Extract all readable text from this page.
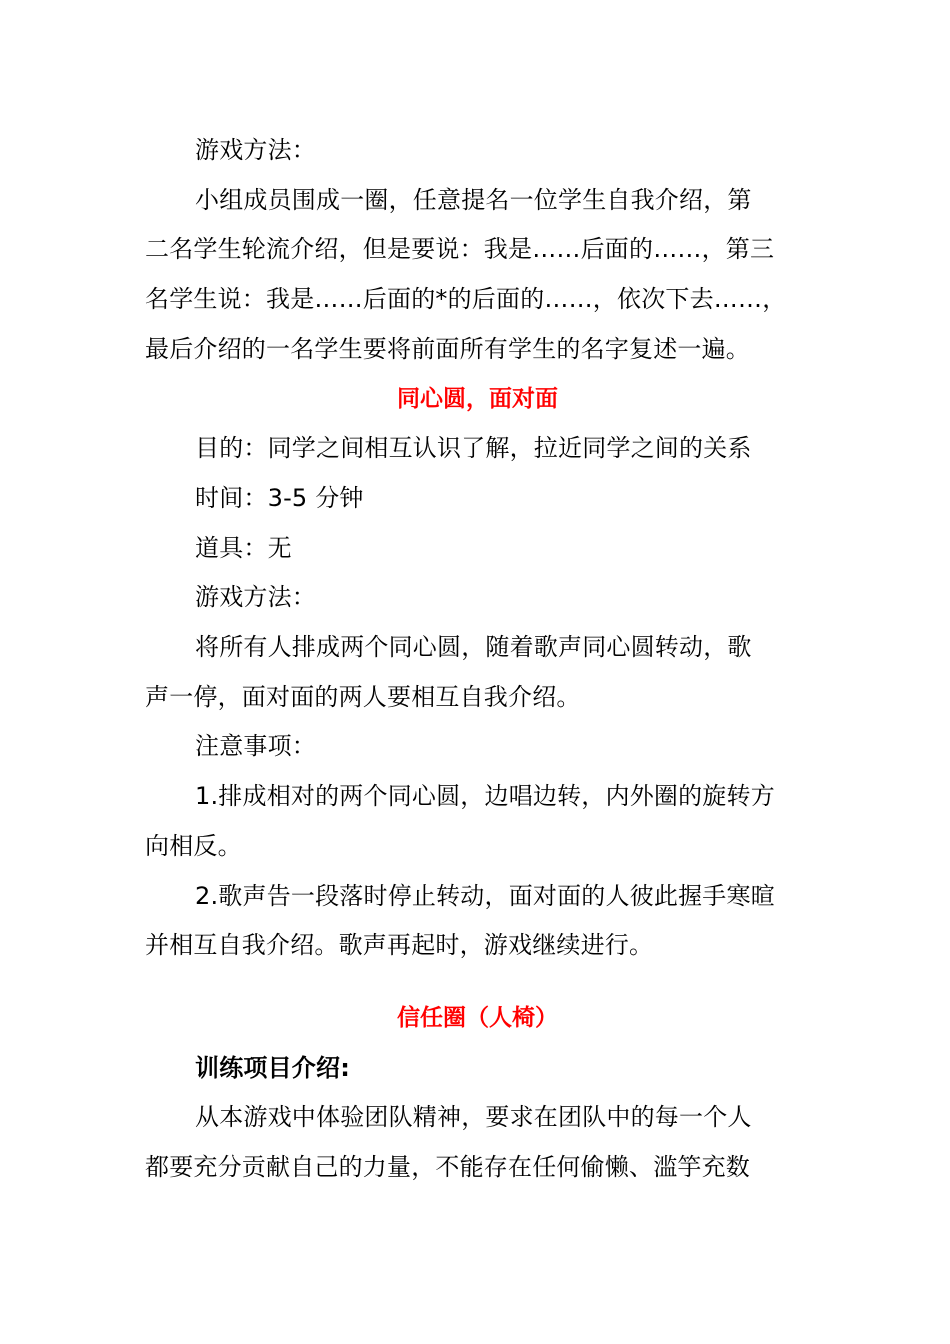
游戏方法：

小组成员围成一圈，任意提名一位学生自我介绍，第

二名学生轮流介绍，但是要说：我是……后面的……，第三

名学生说：我是……后面的*的后面的……，依次下去……，

最后介绍的一名学生要将前面所有学生的名字复述一遍。

同心圆，面对面

目的：同学之间相互认识了解，拉近同学之间的关系

时间：3-5 分钟

道具：无

游戏方法：

将所有人排成两个同心圆，随着歌声同心圆转动，歌

声一停，面对面的两人要相互自我介绍。

注意事项：

1.排成相对的两个同心圆，边唱边转，内外圈的旋转方

向相反。

2.歌声告一段落时停止转动，面对面的人彼此握手寒暄

并相互自我介绍。歌声再起时，游戏继续进行。

信任圈（人椅）

训练项目介绍:

从本游戏中体验团队精神，要求在团队中的每一个人

都要充分贡献自己的力量，不能存在任何偷懒、滥竽充数
